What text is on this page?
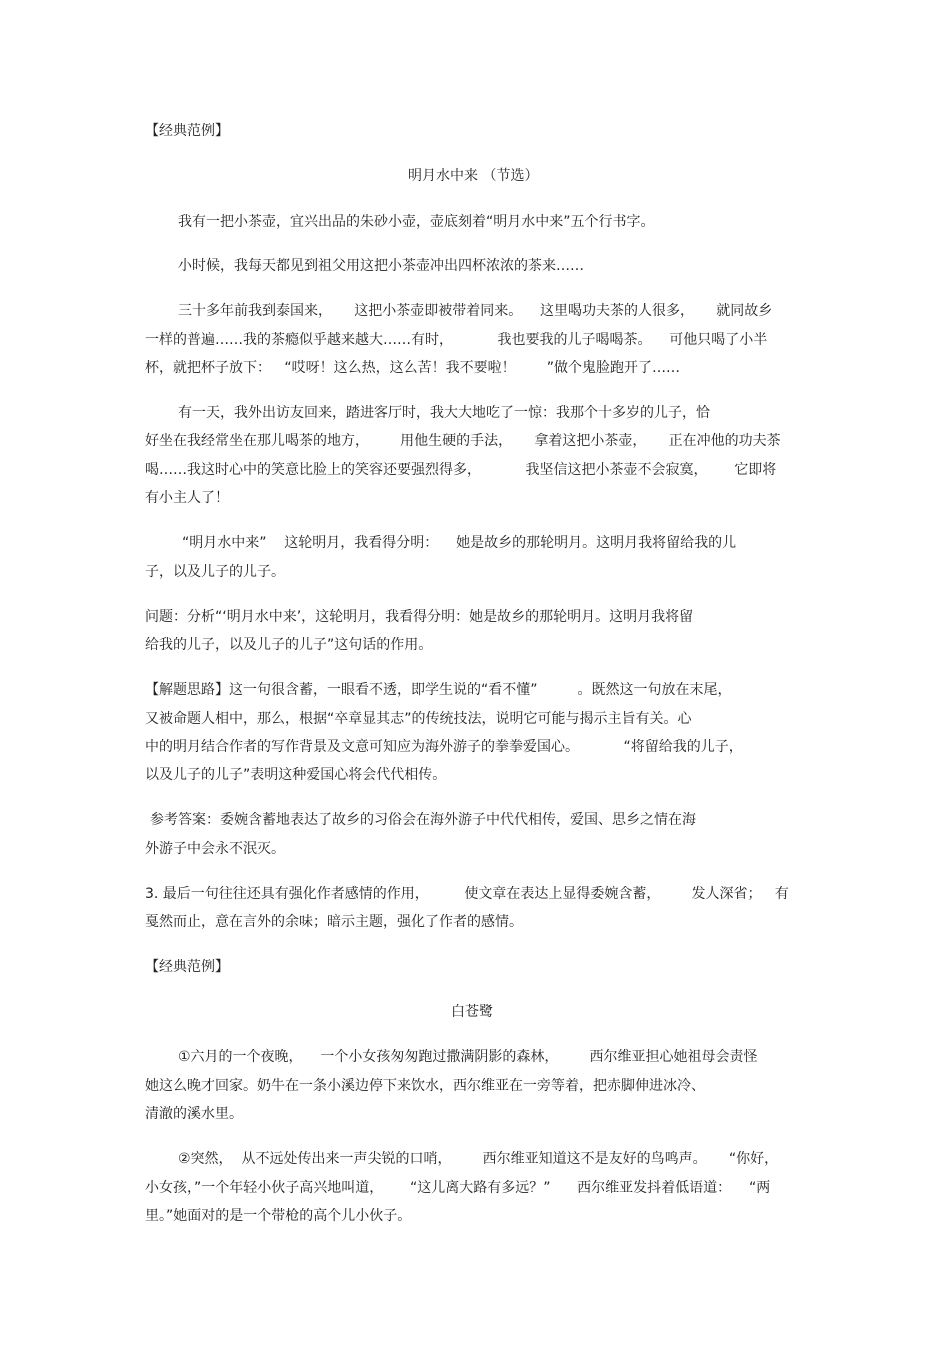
【经典范例】
明月水中来 （节选）
我有一把小茶壶，宜兴出品的朱砂小壶，壶底刻着“明月水中来”五个行书字。
小时候，我每天都见到祖父用这把小茶壶冲出四杯浓浓的茶来……
三十多年前我到泰国来，     这把小茶壶即被带着同来。    这里喝功夫茶的人很多，     就同故乡
一样的普遍……我的茶瘾似乎越来越大……有时，          我也要我的儿子喝喝茶。    可他只喝了小半
杯，就把杯子放下：   “哎呀！这么热，这么苦！我不要啦！       ”做个鬼脸跑开了……
有一天，我外出访友回来，踏进客厅时，我大大地吃了一惊：我那个十多岁的儿子，恰
好坐在我经常坐在那儿喝茶的地方，       用他生硬的手法，     拿着这把小茶壶，     正在冲他的功夫茶
喝……我这时心中的笑意比脸上的笑容还要强烈得多，          我坚信这把小茶壶不会寂寞，      它即将
有小主人了！
“明月水中来”    这轮明月，我看得分明：    她是故乡的那轮明月。这明月我将留给我的儿
子，以及儿子的儿子。
问题：分析“‘明月水中来’，这轮明月，我看得分明：她是故乡的那轮明月。这明月我将留
给我的儿子，以及儿子的儿子”这句话的作用。
【解题思路】这一句很含蓄，一眼看不透，即学生说的“看不懂”         。既然这一句放在末尾，
又被命题人相中，那么，根据“卒章显其志”的传统技法，说明它可能与揭示主旨有关。心
中的明月结合作者的写作背景及文意可知应为海外游子的拳拳爱国心。          “将留给我的儿子，
以及儿子的儿子”表明这种爱国心将会代代相传。
参考答案：委婉含蓄地表达了故乡的习俗会在海外游子中代代相传，爱国、思乡之情在海
外游子中会永不泯灭。
3. 最后一句往往还具有强化作者感情的作用，        使文章在表达上显得委婉含蓄，       发人深省；   有
戛然而止，意在言外的余味；暗示主题，强化了作者的感情。
【经典范例】
白苍鹭
①六月的一个夜晚，    一个小女孩匆匆跑过撒满阴影的森林，       西尔维亚担心她祖母会责怪
她这么晚才回家。奶牛在一条小溪边停下来饮水，西尔维亚在一旁等着，把赤脚伸进冰冷、
清澈的溪水里。
②突然，  从不远处传出来一声尖锐的口哨，       西尔维亚知道这不是友好的鸟鸣声。     “你好，
小女孩，”一个年轻小伙子高兴地叫道，      “这儿离大路有多远？”      西尔维亚发抖着低语道：    “两
里。”她面对的是一个带枪的高个儿小伙子。
